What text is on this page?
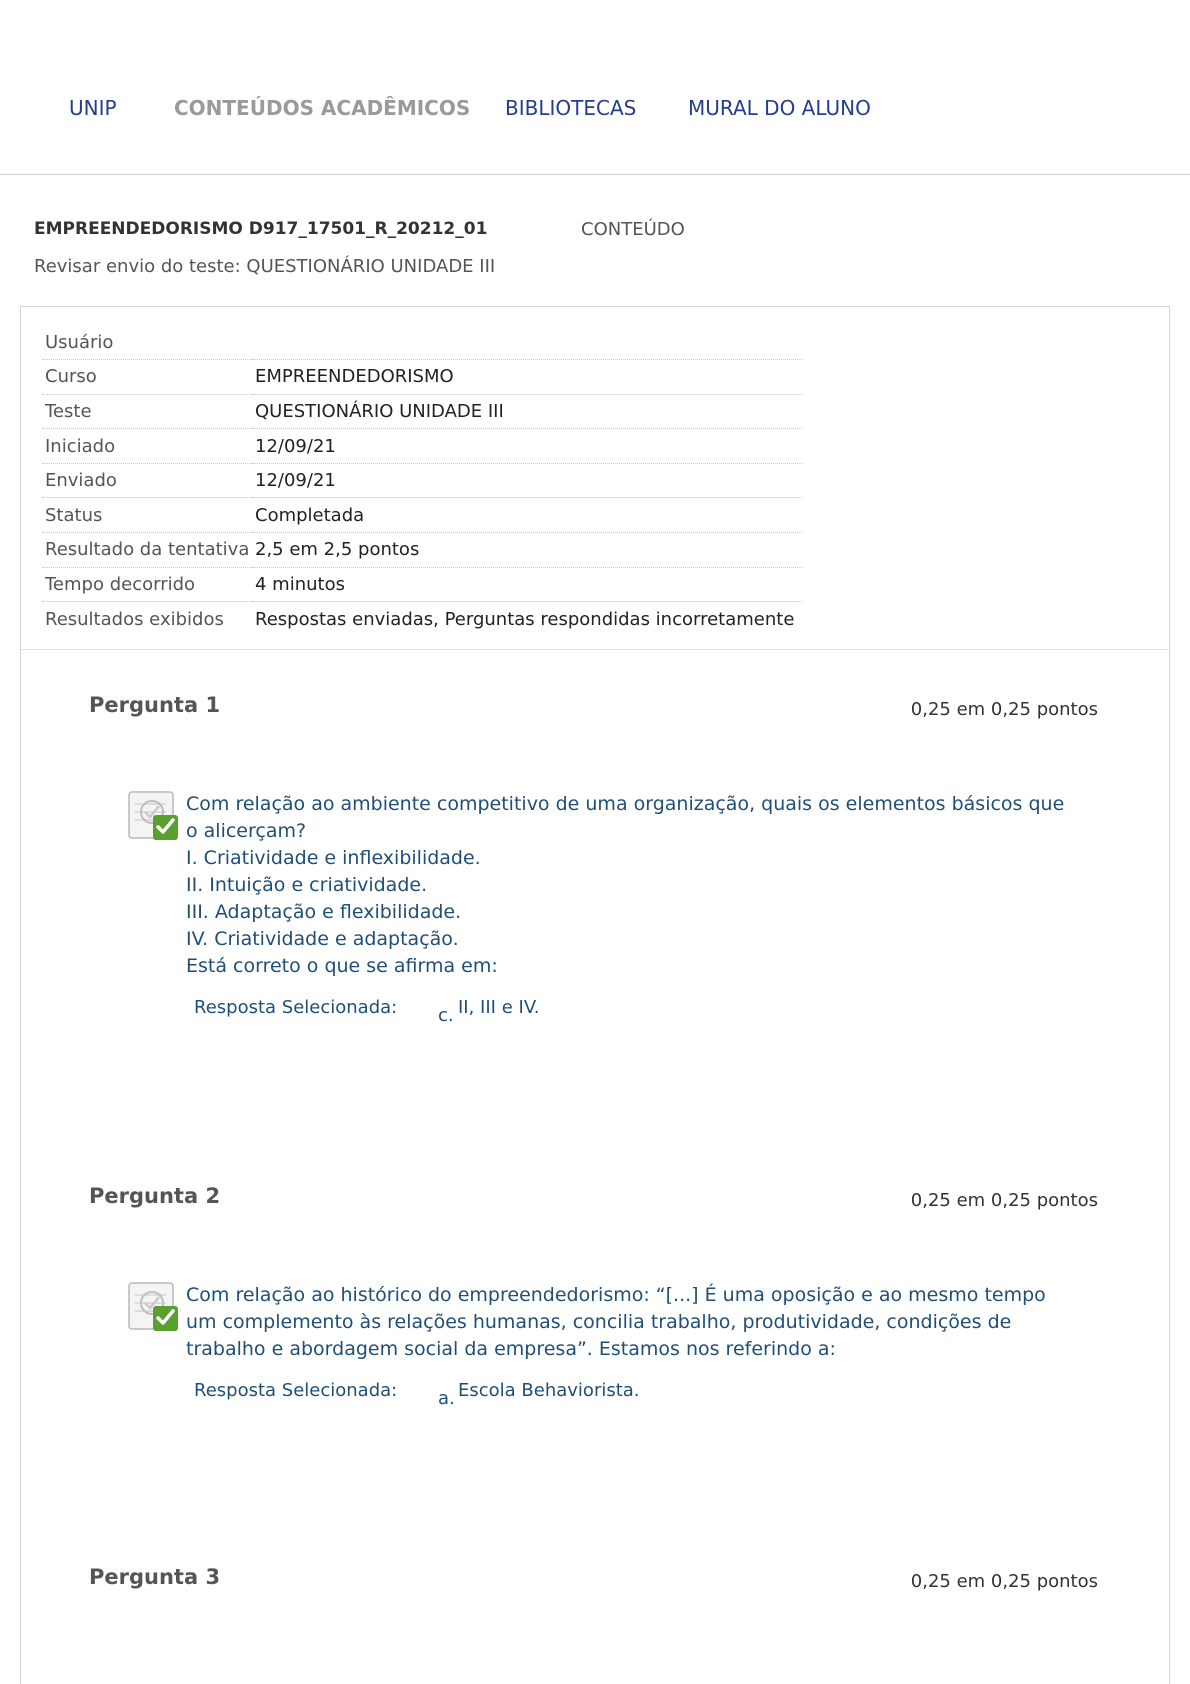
UNIP	CONTEÚDOS ACADÊMICOS BIBLIOTECAS	MURAL DO ALUNO
EMPREENDEDORISMO D917_17501_R_20212_01	CONTEÚDO
Revisar envio do teste: QUESTIONÁRIO UNIDADE III
Usuário	
Curso	EMPREENDEDORISMO
Teste	QUESTIONÁRIO UNIDADE III
Iniciado	12/09/21
Enviado	12/09/21
Status	Completada
Resultado da tentativa	2,5 em 2,5 pontos
Tempo decorrido	4 minutos
Resultados exibidos	Respostas enviadas, Perguntas respondidas incorretamente
Pergunta 1	0,25 em 0,25 pontos

Com relação ao ambiente competitivo de uma organização, quais os elementos básicos que o alicerçam?

I. Criatividade e inflexibilidade.

II. Intuição e criatividade.

III. Adaptação e flexibilidade.

IV. Criatividade e adaptação.

Está correto o que se afirma em:

Resposta Selecionada: c. II, III e IV.
Pergunta 2	0,25 em 0,25 pontos

Com relação ao histórico do empreendedorismo: “[...] É uma oposição e ao mesmo tempo um complemento às relações humanas, concilia trabalho, produtividade, condições de trabalho e abordagem social da empresa”. Estamos nos referindo a:

Resposta Selecionada: a. Escola Behaviorista.
Pergunta 3	0,25 em 0,25 pontos
